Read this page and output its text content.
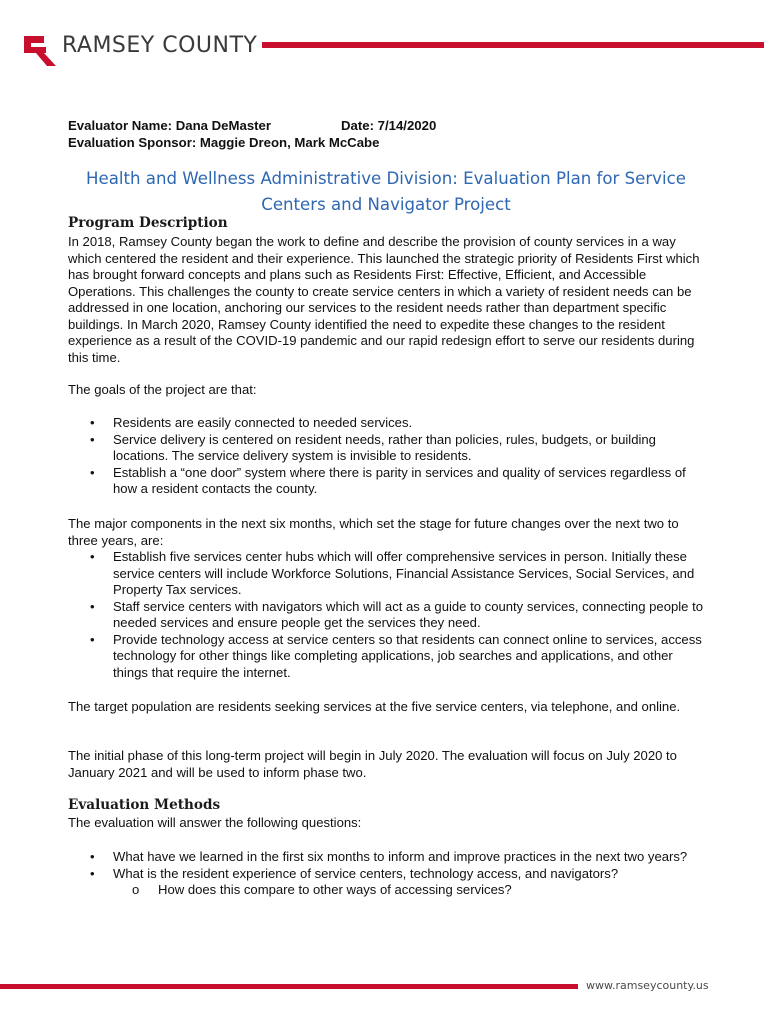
RAMSEY COUNTY
Evaluator Name: Dana DeMaster	Date: 7/14/2020
Evaluation Sponsor: Maggie Dreon, Mark McCabe
Health and Wellness Administrative Division: Evaluation Plan for Service
Centers and Navigator Project
Program Description

In 2018, Ramsey County began the work to define and describe the provision of county services in a way which centered the resident and their experience. This launched the strategic priority of Residents First which has brought forward concepts and plans such as Residents First: Effective, Efficient, and Accessible Operations. This challenges the county to create service centers in which a variety of resident needs can be addressed in one location, anchoring our services to the resident needs rather than department specific buildings. In March 2020, Ramsey County identified the need to expedite these changes to the resident experience as a result of the COVID-19 pandemic and our rapid redesign effort to serve our residents during this time.

The goals of the project are that:

• Residents are easily connected to needed services.
• Service delivery is centered on resident needs, rather than policies, rules, budgets, or building locations. The service delivery system is invisible to residents.
• Establish a “one door” system where there is parity in services and quality of services regardless of how a resident contacts the county.

The major components in the next six months, which set the stage for future changes over the next two to three years, are:

• Establish five services center hubs which will offer comprehensive services in person. Initially these service centers will include Workforce Solutions, Financial Assistance Services, Social Services, and Property Tax services.
• Staff service centers with navigators which will act as a guide to county services, connecting people to needed services and ensure people get the services they need.
• Provide technology access at service centers so that residents can connect online to services, access technology for other things like completing applications, job searches and applications, and other things that require the internet.

The target population are residents seeking services at the five service centers, via telephone, and online.

The initial phase of this long-term project will begin in July 2020. The evaluation will focus on July 2020 to January 2021 and will be used to inform phase two.

Evaluation Methods

The evaluation will answer the following questions:

• What have we learned in the first six months to inform and improve practices in the next two years?
• What is the resident experience of service centers, technology access, and navigators?
o How does this compare to other ways of accessing services?
www.ramseycounty.us
